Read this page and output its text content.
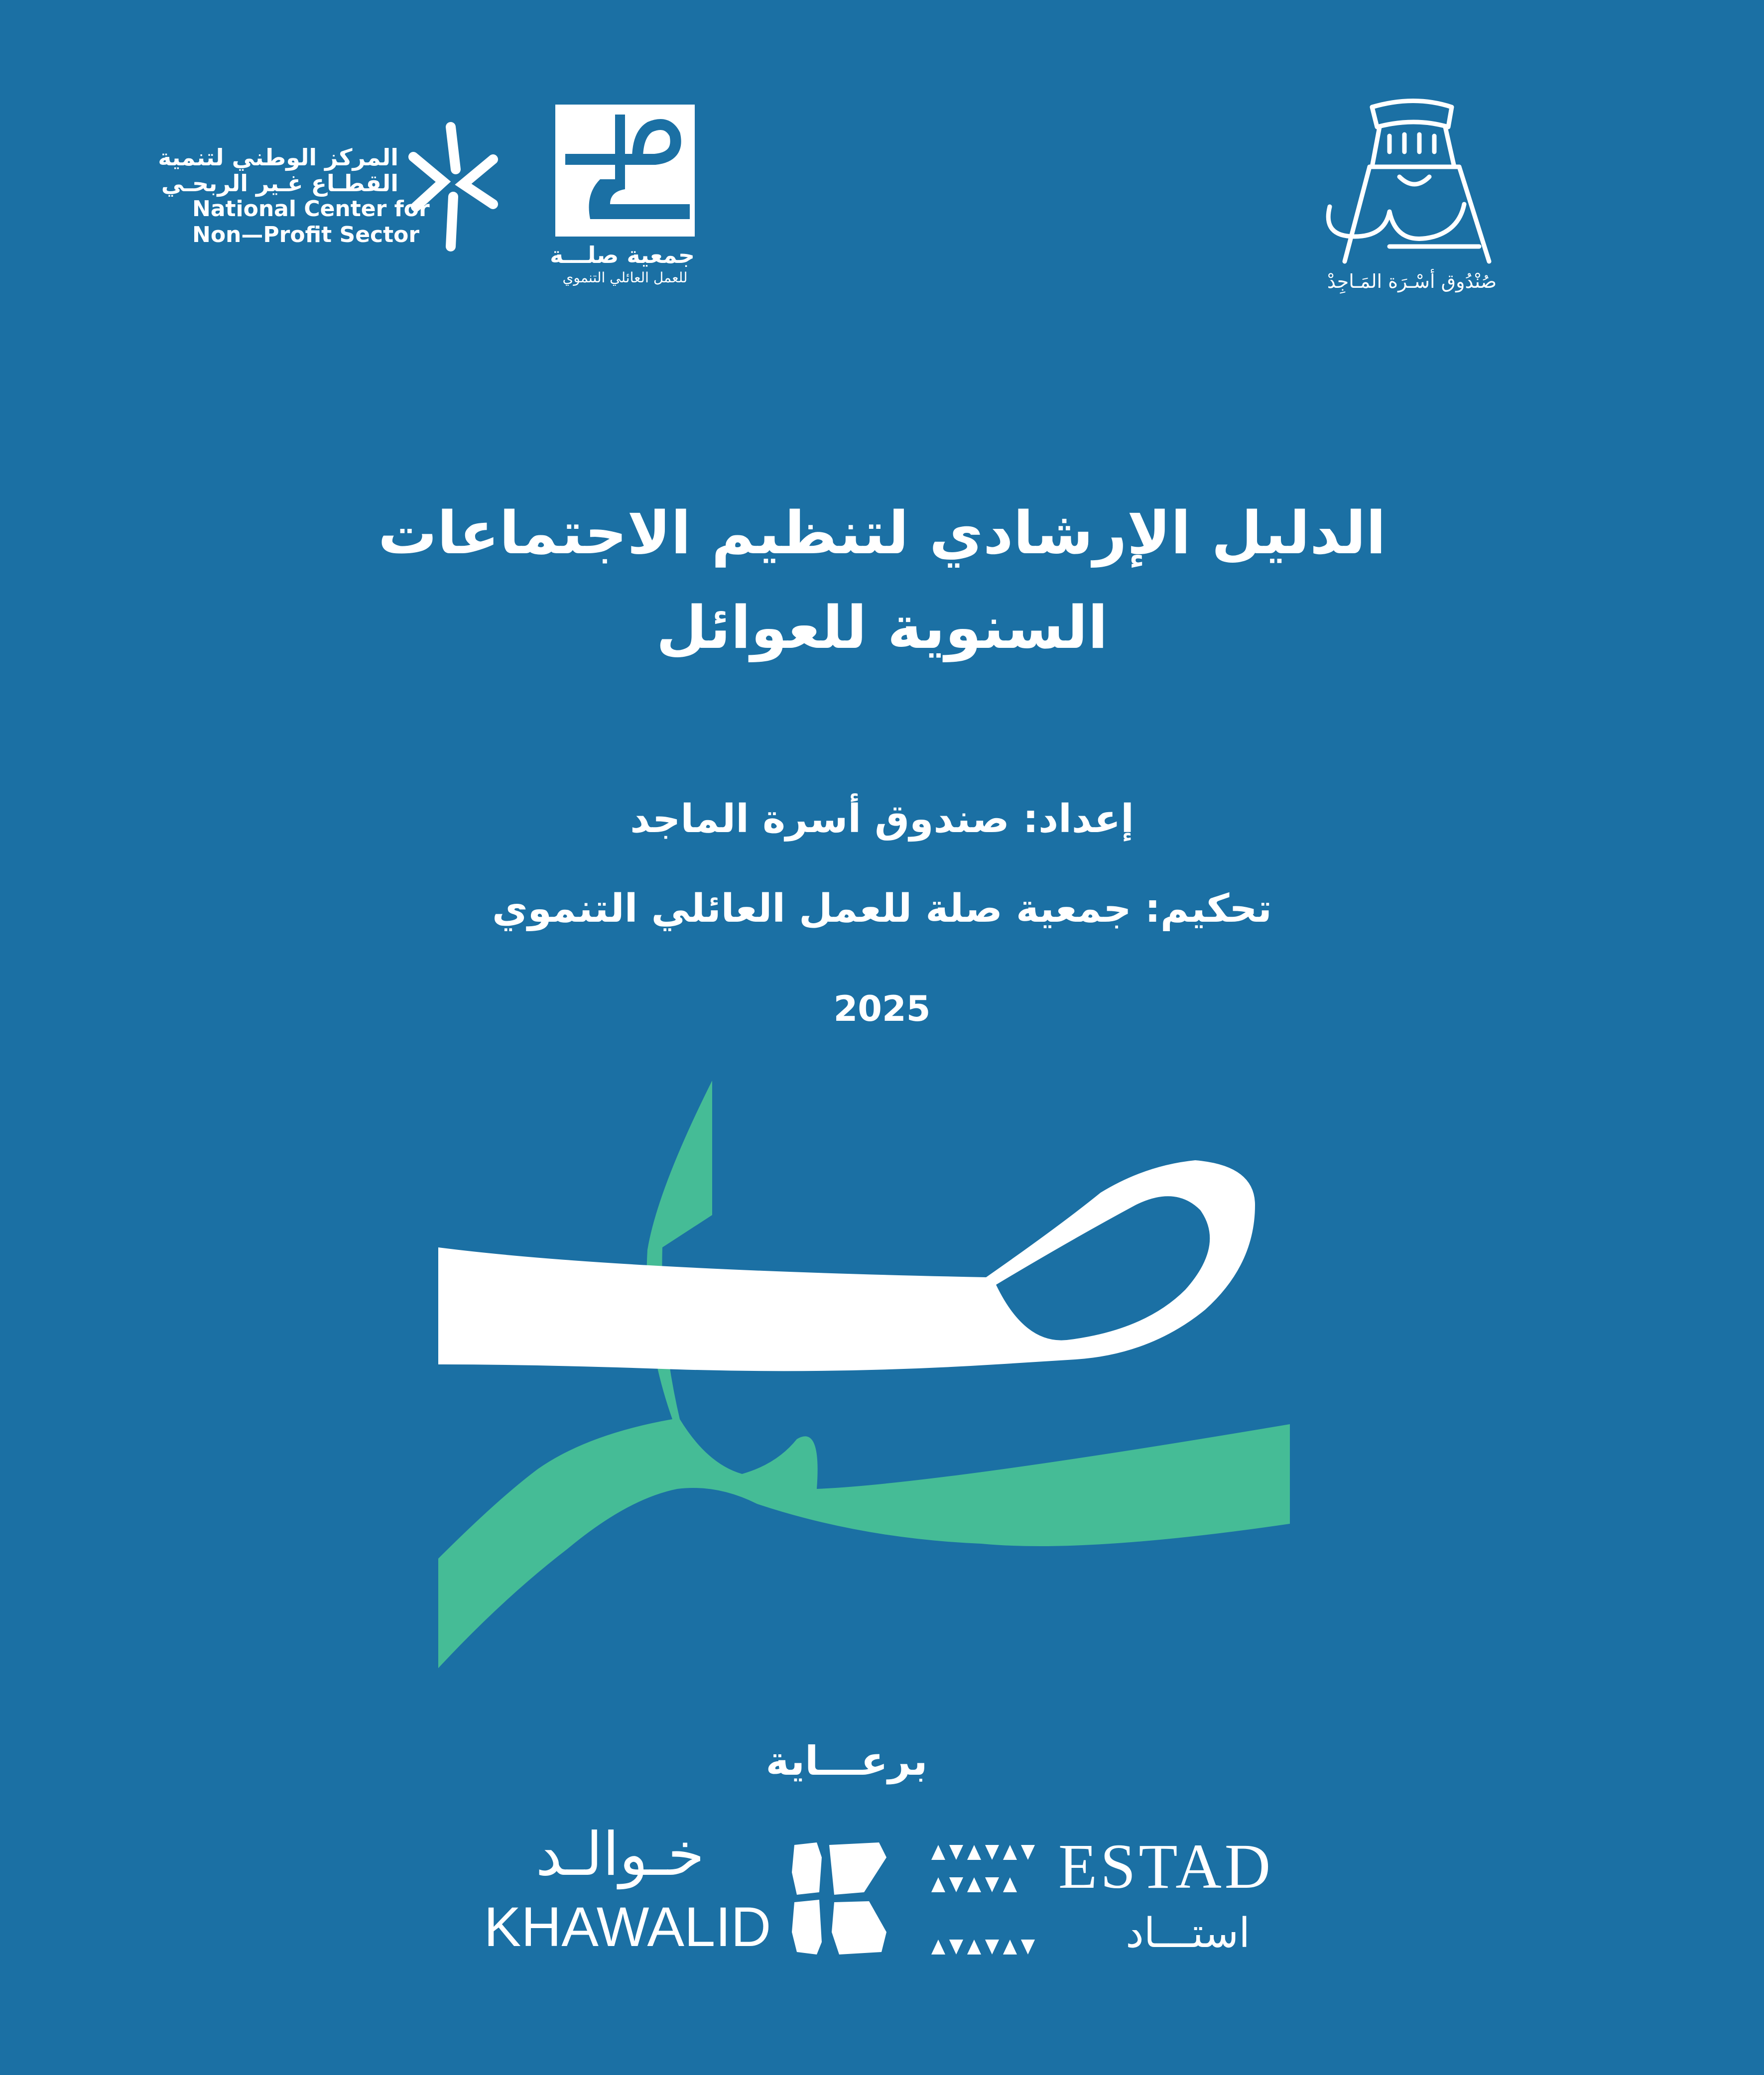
المركز الوطني لتنمية
القطـاع غـير الربحـي
National Center for
Non—Profit Sector
جمعية صلـــة
للعمل العائلي التنموي	صُنْدُوق أسْـرَة المَـاجِدْ
الدليل الإرشادي لتنظيم الاجتماعات
السنوية للعوائل
إعداد: صندوق أسرة الماجد
تحكيم: جمعية صلة للعمل العائلي التنموي
2025
برعـــاية
خـوالـد
KHAWALID
ESTAD
استـــاد
